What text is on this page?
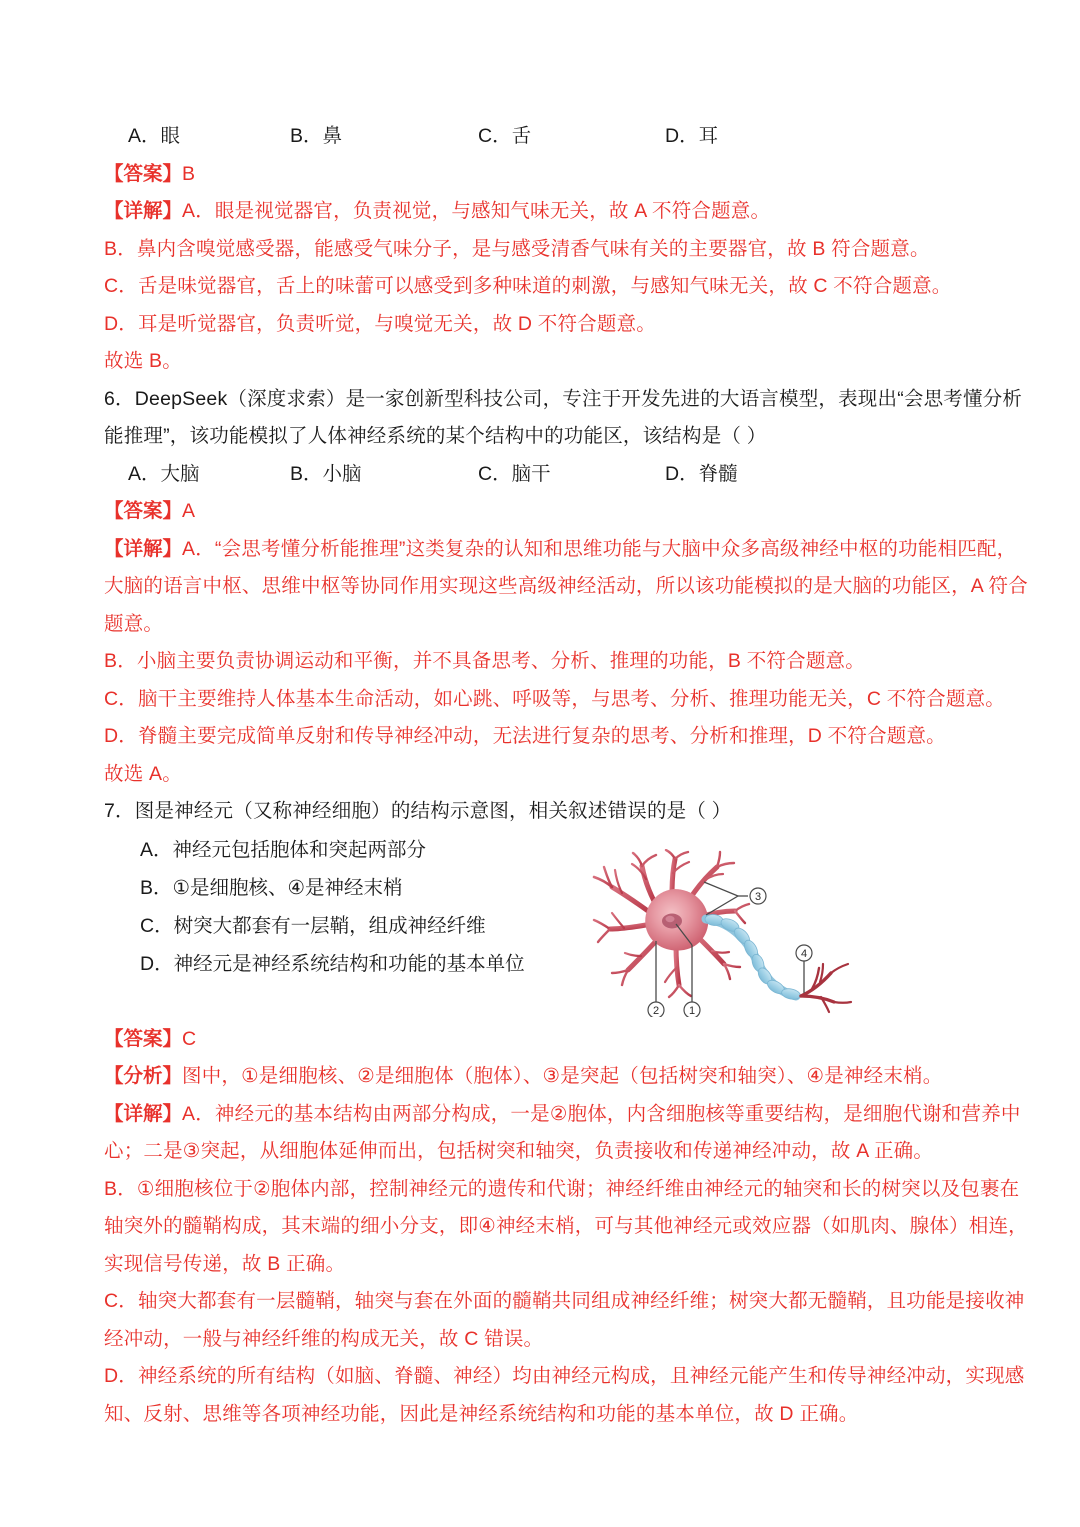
A．眼	B．鼻	C．舌	D．耳
【答案】B
【详解】A．眼是视觉器官，负责视觉，与感知气味无关，故 A 不符合题意。
B．鼻内含嗅觉感受器，能感受气味分子，是与感受清香气味有关的主要器官，故 B 符合题意。
C．舌是味觉器官，舌上的味蕾可以感受到多种味道的刺激，与感知气味无关，故 C 不符合题意。
D．耳是听觉器官，负责听觉，与嗅觉无关，故 D 不符合题意。
故选 B。
6．DeepSeek（深度求索）是一家创新型科技公司，专注于开发先进的大语言模型，表现出“会思考懂分析
能推理”，该功能模拟了人体神经系统的某个结构中的功能区，该结构是（ ）
A．大脑	B．小脑	C．脑干	D．脊髓
【答案】A
【详解】A．“会思考懂分析能推理”这类复杂的认知和思维功能与大脑中众多高级神经中枢的功能相匹配，
大脑的语言中枢、思维中枢等协同作用实现这些高级神经活动，所以该功能模拟的是大脑的功能区，A 符合
题意。
B．小脑主要负责协调运动和平衡，并不具备思考、分析、推理的功能，B 不符合题意。
C．脑干主要维持人体基本生命活动，如心跳、呼吸等，与思考、分析、推理功能无关，C 不符合题意。
D．脊髓主要完成简单反射和传导神经冲动，无法进行复杂的思考、分析和推理，D 不符合题意。
故选 A。
7．图是神经元（又称神经细胞）的结构示意图，相关叙述错误的是（ ）
A．神经元包括胞体和突起两部分
B．①是细胞核、④是神经末梢
C．树突大都套有一层鞘，组成神经纤维
D．神经元是神经系统结构和功能的基本单位
3
4
2	1
【答案】C
【分析】图中，①是细胞核、②是细胞体（胞体）、③是突起（包括树突和轴突）、④是神经末梢。
【详解】A．神经元的基本结构由两部分构成，一是②胞体，内含细胞核等重要结构，是细胞代谢和营养中
心；二是③突起，从细胞体延伸而出，包括树突和轴突，负责接收和传递神经冲动，故 A 正确。
B．①细胞核位于②胞体内部，控制神经元的遗传和代谢；神经纤维由神经元的轴突和长的树突以及包裹在
轴突外的髓鞘构成，其末端的细小分支，即④神经末梢，可与其他神经元或效应器（如肌肉、腺体）相连，
实现信号传递，故 B 正确。
C．轴突大都套有一层髓鞘，轴突与套在外面的髓鞘共同组成神经纤维；树突大都无髓鞘，且功能是接收神
经冲动，一般与神经纤维的构成无关，故 C 错误。
D．神经系统的所有结构（如脑、脊髓、神经）均由神经元构成，且神经元能产生和传导神经冲动，实现感
知、反射、思维等各项神经功能，因此是神经系统结构和功能的基本单位，故 D 正确。
